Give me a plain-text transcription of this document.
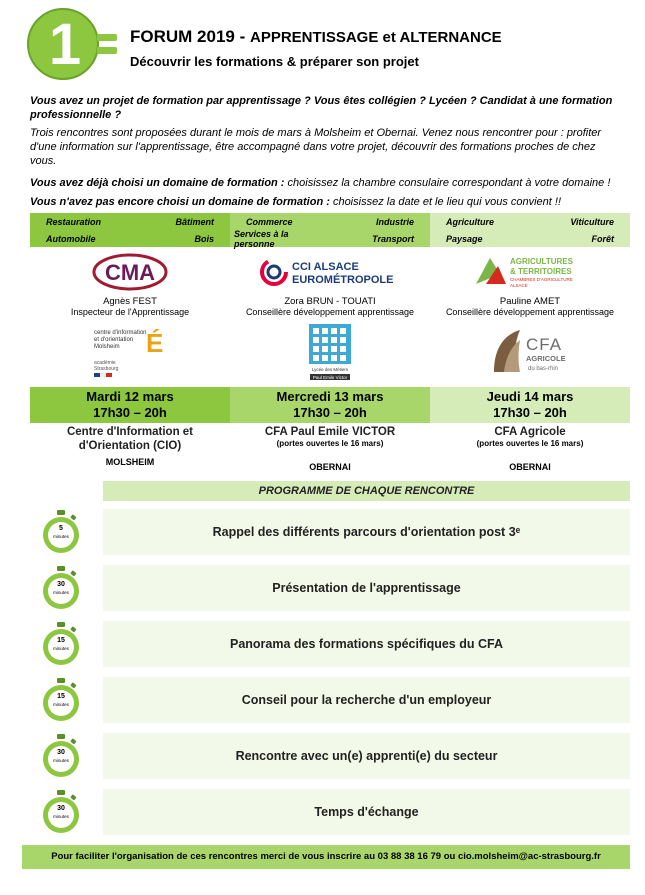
1	FORUM 2019 - APPRENTISSAGE et ALTERNANCE
Découvrir les formations & préparer son projet
Vous avez un projet de formation par apprentissage ? Vous êtes collégien ? Lycéen ? Candidat à une formation professionnelle ?
Trois rencontres sont proposées durant le mois de mars à Molsheim et Obernai. Venez nous rencontrer pour : profiter d'une information sur l'apprentissage, être accompagné dans votre projet, découvrir des formations proches de chez vous.
Vous avez déjà choisi un domaine de formation : choisissez la chambre consulaire correspondant à votre domaine !
Vous n'avez pas encore choisi un domaine de formation : choisissez la date et le lieu qui vous convient !!
Restauration	Bâtiment
Automobile	Bois
Commerce	Industrie
Services à la personne	Transport
Agriculture	Viticulture
Paysage	Forêt
CMA
Agnès FEST
Inspecteur de l'Apprentissage
centre d'information
et d'orientation
Molsheim É
académie
Strasbourg
CCI ALSACE
EUROMÉTROPOLE
Zora BRUN - TOUATI
Conseillère développement apprentissage
Lycée des Métiers
Paul Emile Victor
AGRICULTURES
& TERRITOIRES
CHAMBRES D'AGRICULTURE
ALSACE
Pauline AMET
Conseillère développement apprentissage
CFA
AGRICOLE
du bas-rhin
Mardi 12 mars
17h30 – 20h
Mercredi 13 mars
17h30 – 20h
Jeudi 14 mars
17h30 – 20h
Centre d'Information et d'Orientation (CIO)
MOLSHEIM
CFA Paul Emile VICTOR
(portes ouvertes le 16 mars)
OBERNAI
CFA Agricole
(portes ouvertes le 16 mars)
OBERNAI
PROGRAMME DE CHAQUE RENCONTRE
5
minutes	Rappel des différents parcours d'orientation post 3ᵉ
30
minutes	Présentation de l'apprentissage
15
minutes	Panorama des formations spécifiques du CFA
15
minutes	Conseil pour la recherche d'un employeur
30
minutes	Rencontre avec un(e) apprenti(e) du secteur
30
minutes	Temps d'échange
Pour faciliter l'organisation de ces rencontres merci de vous inscrire au 03 88 38 16 79 ou cio.molsheim@ac-strasbourg.fr
